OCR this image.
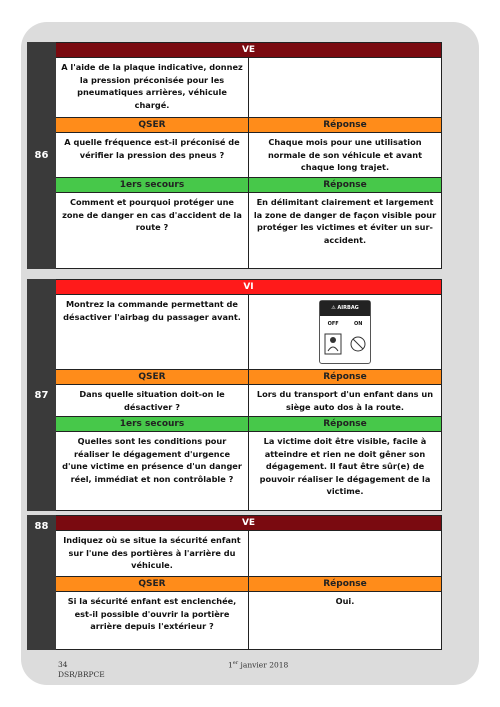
86
VE
A l'aide de la plaque indicative, donnez la pression préconisée pour les pneumatiques arrières, véhicule chargé.
QSER	Réponse
A quelle fréquence est-il préconisé de vérifier la pression des pneus ?
Chaque mois pour une utilisation normale de son véhicule et avant chaque long trajet.
1ers secours	Réponse
Comment et pourquoi protéger une zone de danger en cas d'accident de la route ?
En délimitant clairement et largement la zone de danger de façon visible pour protéger les victimes et éviter un sur-accident.
87
VI
Montrez la commande permettant de désactiver l'airbag du passager avant.
⚠ AIRBAG
OFF	ON
QSER	Réponse
Dans quelle situation doit-on le désactiver ?
Lors du transport d'un enfant dans un siège auto dos à la route.
1ers secours	Réponse
Quelles sont les conditions pour réaliser le dégagement d'urgence d'une victime en présence d'un danger réel, immédiat et non contrôlable ?
La victime doit être visible, facile à atteindre et rien ne doit gêner son dégagement. Il faut être sûr(e) de pouvoir réaliser le dégagement de la victime.
88	VE
Indiquez où se situe la sécurité enfant sur l'une des portières à l'arrière du véhicule.
QSER	Réponse
Si la sécurité enfant est enclenchée, est-il possible d'ouvrir la portière arrière depuis l'extérieur ?
Oui.
34
DSR/BRPCE
1er janvier 2018
